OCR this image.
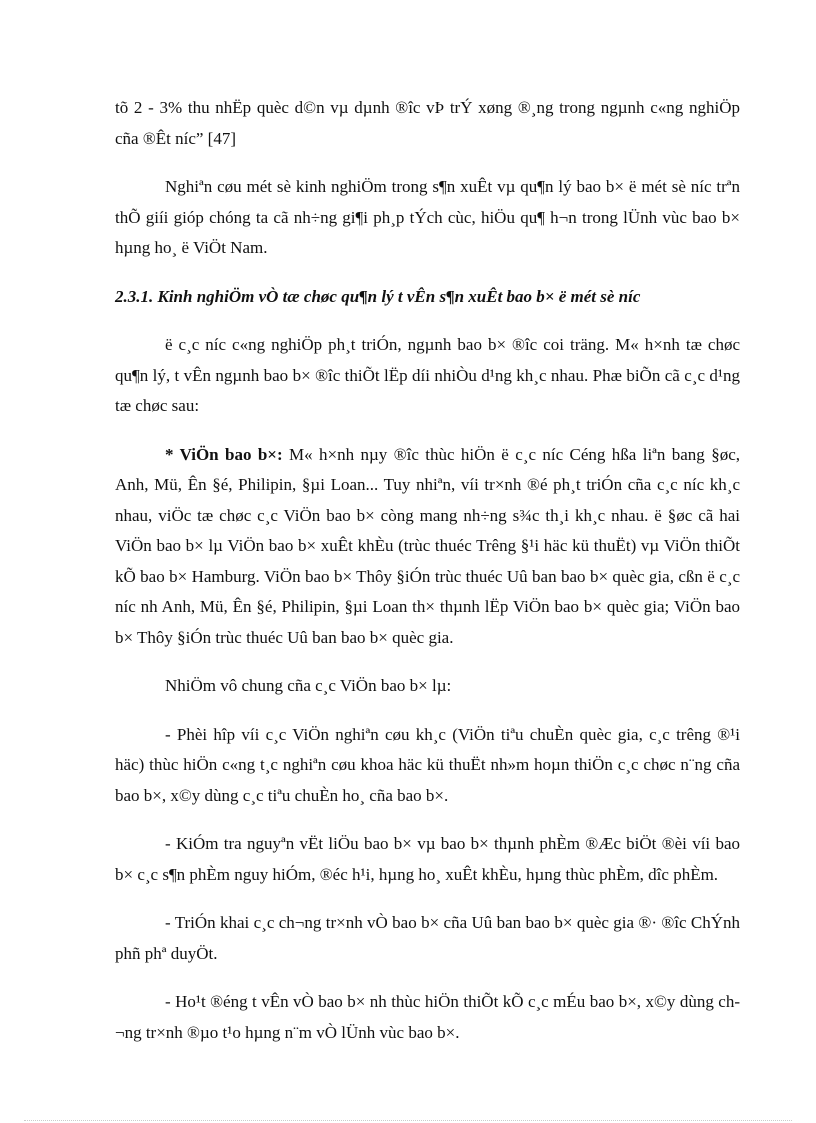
tõ 2 - 3% thu nhËp quèc d©n vµ dµnh ®îc vÞ trÝ xøng ®¸ng trong ngµnh c«ng nghiÖp cña ®Êt níc” [47]

Nghiªn cøu mét sè kinh nghiÖm trong s¶n xuÊt vµ qu¶n lý bao b× ë mét sè níc trªn thÕ giíi gióp chóng ta cã nh÷ng gi¶i ph¸p tÝch cùc, hiÖu qu¶ h¬n trong lÜnh vùc bao b× hµng ho¸ ë ViÖt Nam.

2.3.1. Kinh nghiÖm vÒ tæ chøc qu¶n lý t vÊn s¶n xuÊt bao b× ë mét sè níc

ë c¸c níc c«ng nghiÖp ph¸t triÓn, ngµnh bao b× ®îc coi träng. M« h×nh tæ chøc qu¶n lý, t vÊn ngµnh bao b× ®îc thiÕt lËp díi nhiÒu d¹ng kh¸c nhau. Phæ biÕn cã c¸c d¹ng tæ chøc sau:

* ViÖn bao b×: M« h×nh nµy ®îc thùc hiÖn ë c¸c níc Céng hßa liªn bang §øc, Anh, Mü, Ên §é, Philipin, §µi Loan... Tuy nhiªn, víi tr×nh ®é ph¸t triÓn cña c¸c níc kh¸c nhau, viÖc tæ chøc c¸c ViÖn bao b× còng mang nh÷ng s¾c th¸i kh¸c nhau. ë §øc cã hai ViÖn bao b× lµ ViÖn bao b× xuÊt khÈu (trùc thuéc Trêng §¹i häc kü thuËt) vµ ViÖn thiÕt kÕ bao b× Hamburg. ViÖn bao b× Thôy §iÓn trùc thuéc Uû ban bao b× quèc gia, cßn ë c¸c níc nh Anh, Mü, Ên §é, Philipin, §µi Loan th× thµnh lËp ViÖn bao b× quèc gia; ViÖn bao b× Thôy §iÓn trùc thuéc Uû ban bao b× quèc gia.

NhiÖm vô chung cña c¸c ViÖn bao b× lµ:

- Phèi hîp víi c¸c ViÖn nghiªn cøu kh¸c (ViÖn tiªu chuÈn quèc gia, c¸c trêng ®¹i häc) thùc hiÖn c«ng t¸c nghiªn cøu khoa häc kü thuËt nh»m hoµn thiÖn c¸c chøc n¨ng cña bao b×, x©y dùng c¸c tiªu chuÈn ho¸ cña bao b×.

- KiÓm tra nguyªn vËt liÖu bao b× vµ bao b× thµnh phÈm ®Æc biÖt ®èi víi bao b× c¸c s¶n phÈm nguy hiÓm, ®éc h¹i, hµng ho¸ xuÊt khÈu, hµng thùc phÈm, dîc phÈm.

- TriÓn khai c¸c ch¬ng tr×nh vÒ bao b× cña Uû ban bao b× quèc gia ®· ®îc ChÝnh phñ phª duyÖt.

- Ho¹t ®éng t vÊn vÒ bao b× nh thùc hiÖn thiÕt kÕ c¸c mÉu bao b×, x©y dùng ch¬ng tr×nh ®µo t¹o hµng n¨m vÒ lÜnh vùc bao b×.
